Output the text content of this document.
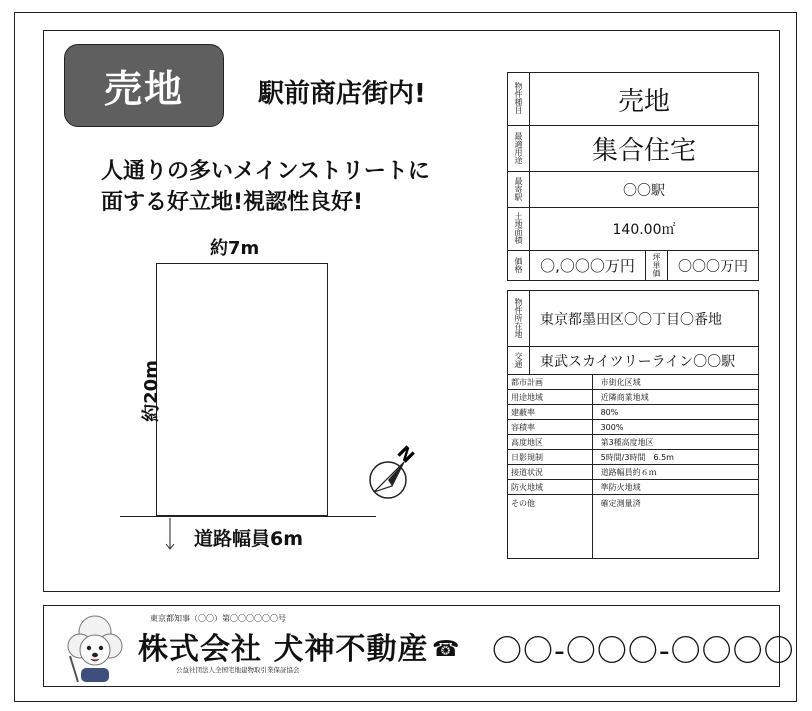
売地	駅前商店街内!
人通りの多いメインストリートに
面する好立地!視認性良好!
約7m
約20m
道路幅員6m
N
物
件
種
目	売地		

最
適
用
途	集合住宅		

最
寄
駅	〇〇駅		

土
地
面
積	140.00㎡		

価
格	〇,〇〇〇万円	坪
単
価	〇〇〇万円
物
件
所
在
地	東京都墨田区〇〇丁目〇番地	

交
通	東武スカイツリーライン〇〇駅	
都市計画		市街化区域
用途地域		近隣商業地域
建蔽率		80%
容積率		300%
高度地区		第3種高度地区
日影規制		5時間/3時間　6.5m
接道状況		道路幅員約６ｍ
防火地域		準防火地域
その他		確定測量済
東京都知事（〇〇）第〇〇〇〇〇〇号
株式会社 犬神不動産
公益社団法人全国宅地建物取引業保証協会
☎ 〇〇-〇〇〇-〇〇〇〇
